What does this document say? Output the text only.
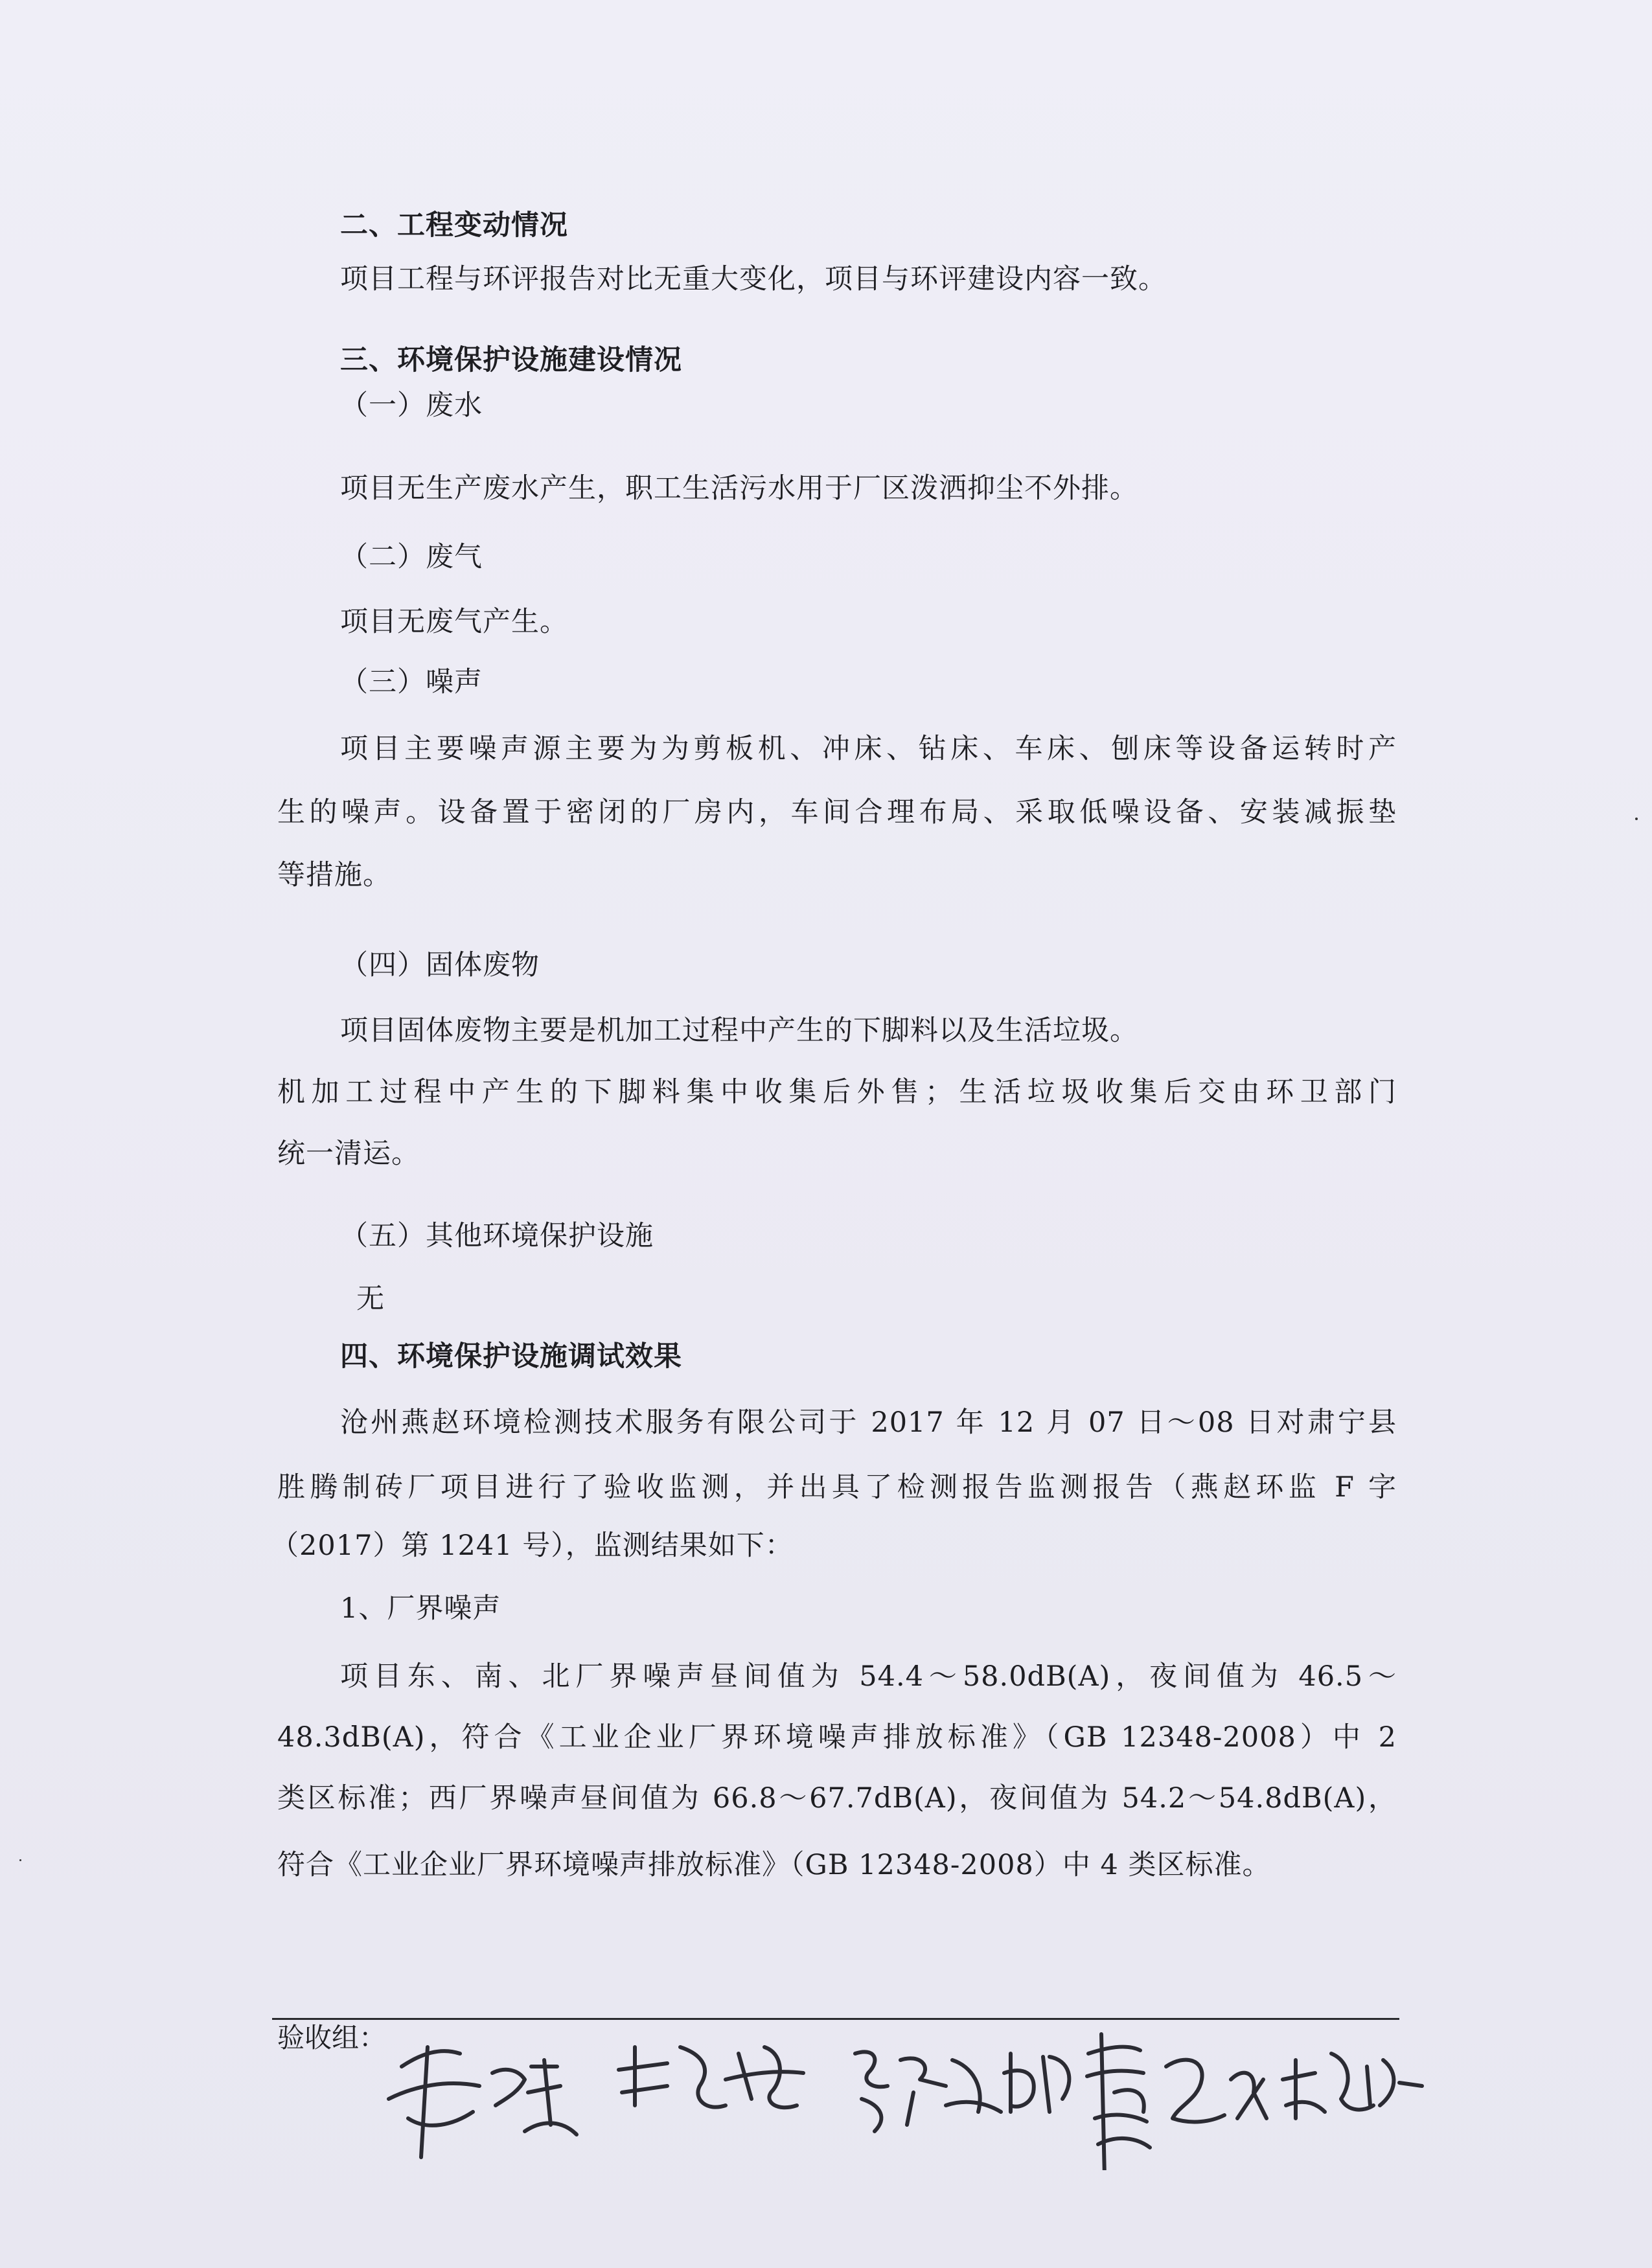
二、工程变动情况
项目工程与环评报告对比无重大变化，项目与环评建设内容一致。
三、环境保护设施建设情况
（一）废水
项目无生产废水产生，职工生活污水用于厂区泼洒抑尘不外排。
（二）废气
项目无废气产生。
（三）噪声
项目主要噪声源主要为为剪板机、冲床、钻床、车床、刨床等设备运转时产
生的噪声。设备置于密闭的厂房内，车间合理布局、采取低噪设备、安装减振垫
等措施。
（四）固体废物
项目固体废物主要是机加工过程中产生的下脚料以及生活垃圾。
机加工过程中产生的下脚料集中收集后外售；生活垃圾收集后交由环卫部门
统一清运。
（五）其他环境保护设施
无
四、环境保护设施调试效果
沧州燕赵环境检测技术服务有限公司于 2017 年 12 月 07 日～08 日对肃宁县
胜腾制砖厂项目进行了验收监测，并出具了检测报告监测报告（燕赵环监 F 字
（2017）第 1241 号），监测结果如下：
1、厂界噪声
项目东、南、北厂界噪声昼间值为 54.4～58.0dB(A)，夜间值为 46.5～
48.3dB(A)，符合《工业企业厂界环境噪声排放标准》（GB 12348-2008）中 2
类区标准；西厂界噪声昼间值为 66.8～67.7dB(A)，夜间值为 54.2～54.8dB(A)，
符合《工业企业厂界环境噪声排放标准》（GB 12348-2008）中 4 类区标准。
验收组：
